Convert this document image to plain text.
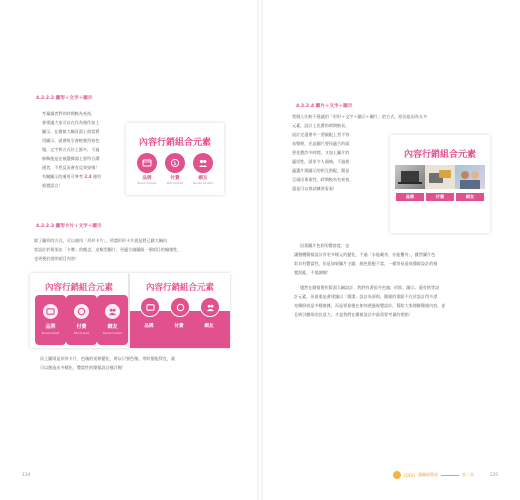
4.2.2.2 圖形＋文字＋圖示
考量讀者對作時間較為充裕，
會建議大家可以在作為運作加上
圖示，在簡報大綱頁面上相當實
用圖示，就會吸引會較強烈效色
塊，文字和方式好上都多，不過
修飾後是在被選擇器上要符合溝
通者，不然反而會有反效果哦！
有關圖示的運用可參考 2.4 運用
視覺語言！
內容行銷組合元素
$
品牌	付費	網友
Brand Content	Paid Content	Earned Content
4.2.2.3 圖形卡片＋文字＋圖示
除了圖形的方式，可以運用「形形卡片」，所謂形形卡片就是將已籍大綱內
容設計於框架出「卡牌」的概念，這類型圖片，更適合做圖級一個項目的編號性，
也更便於說明項目內容！
內容行銷組合元素
品牌
Brand Content
付費
Paid Content
網友
Earned Content
內容行銷組合元素
品牌	付費	網友
而上圖則是形形卡片，色塊的延伸變化，所以只要色塊、形狀搭配得宜，就
可以創造出多樣化、豐富性的簡報設計樣式喔！
134
4.2.2.4 圖片＋文字＋圖示
我個人比較不建議用「形形＋文字＋圖示＋圖片」的方式，原因是因為太多
元素，設計上花費的時間較長，
設計完還會多一要搞配上者不容
易整理，光是圖片要找適合的就
要花費許多時間，又加上圖片的
適切性，就更令人頭痛，不過搭
適選片與圖示的相互搭配，簡是
呈現出專業性，時間較為有充裕，
還是可以嘗試練習看看！
內容行銷組合元素
品牌	付費	網友
因著圖片色彩的豐富度，也
讓整體簡報設計有更多樣元的變化，不過「水能載舟，亦能覆舟」，雖然圖片色
彩具有豐富性，但是如果圖片主題、顏色搭配不當，一樣容易造成簡報設計的視
覺混亂、不協調喔！
儘然在簡報製作版面大綱設計，我們有著很多色塊、形狀，圖示，還有搭等設
計元素，但最重是會建議以「簡潔」設計為原則，簡報的重點不在於設計得多漂
亮繽紛或是多樣複雜，而是要最後在如何透過視覺設計，幫助大家理解簡報內容，並
且吸引聽眾的注意力，才是我們在簡報設計中最需要考量的要點！
LOGO 讓職場簡報	第三章	135
